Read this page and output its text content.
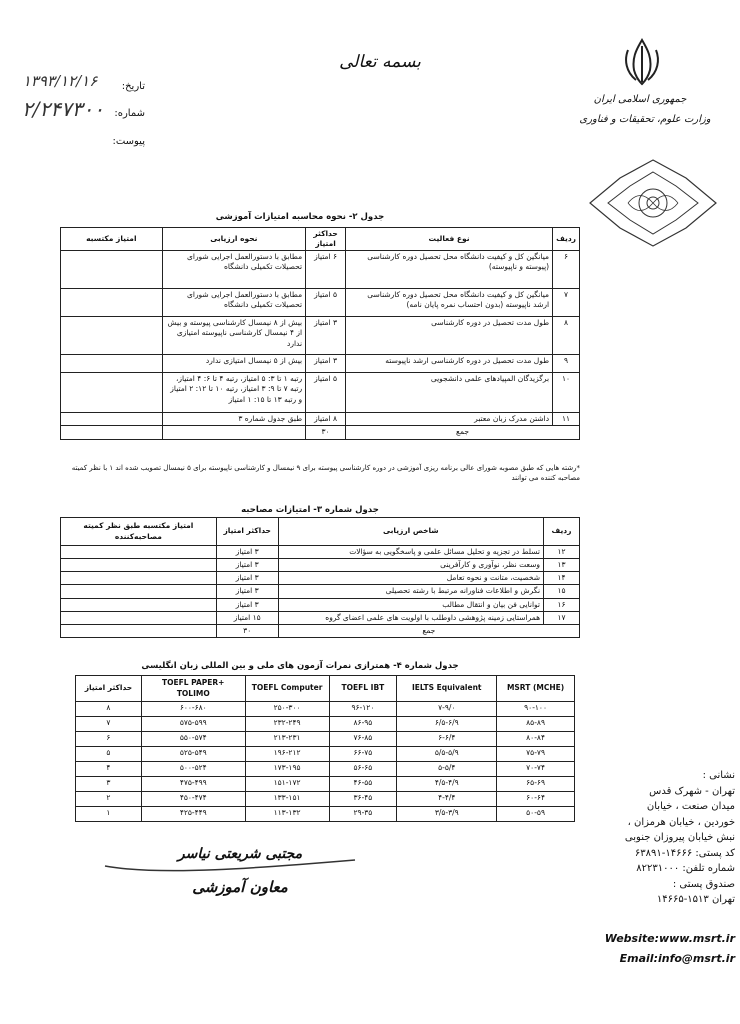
بسمه تعالی
جمهوری اسلامی ایران
وزارت علوم، تحقیقات و فناوری
تاریخ:
۱۳۹۳/۱۲/۱۶
شماره:
۲/۲۴۷۳۰۰
پیوست:
جدول ۲- نحوه محاسبه امتیازات آموزشی
ردیف	نوع فعالیت	حداکثر امتیاز	نحوه ارزیابی	امتیاز مکتسبه
۶	میانگین کل و کیفیت دانشگاه محل تحصیل دوره کارشناسی (پیوسته و ناپیوسته)	۶ امتیاز	مطابق با دستورالعمل اجرایی شورای تحصیلات تکمیلی دانشگاه	
۷	میانگین کل و کیفیت دانشگاه محل تحصیل دوره کارشناسی ارشد ناپیوسته (بدون احتساب نمره پایان نامه)	۵ امتیاز	مطابق با دستورالعمل اجرایی شورای تحصیلات تکمیلی دانشگاه	
۸	طول مدت تحصیل در دوره کارشناسی	۳ امتیاز	بیش از ۸ نیمسال کارشناسی پیوسته و بیش از ۴ نیمسال کارشناسی ناپیوسته امتیازی ندارد	
۹	طول مدت تحصیل در دوره کارشناسی ارشد ناپیوسته	۳ امتیاز	بیش از ۵ نیمسال امتیازی ندارد	
۱۰	برگزیدگان المپیادهای علمی دانشجویی	۵ امتیاز	رتبه ۱ تا ۳: ۵ امتیاز، رتبه ۴ تا ۶: ۴ امتیاز، رتبه ۷ تا ۹: ۳ امتیاز، رتبه ۱۰ تا ۱۲: ۲ امتیاز و رتبه ۱۳ تا ۱۵: ۱ امتیاز	
۱۱	داشتن مدرک زبان معتبر	۸ امتیاز	طبق جدول شماره ۳	
جمع		۳۰		
*رشته هایی که طبق مصوبه شورای عالی برنامه ریزی آموزشی در دوره کارشناسی پیوسته برای ۹ نیمسال و کارشناسی ناپیوسته برای ۵ نیمسال تصویب شده اند ۱ با نظر کمیته مصاحبه کننده می توانند
جدول شماره ۳- امتیازات مصاحبه
ردیف	شاخص ارزیابی	حداکثر امتیاز	امتیاز مکتسبه طبق نظر کمیته مصاحبه‌کننده
۱۲	تسلط در تجزیه و تحلیل مسائل علمی و پاسخگویی به سؤالات	۳ امتیاز	
۱۳	وسعت نظر، نوآوری و کارآفرینی	۳ امتیاز	
۱۴	شخصیت، متانت و نحوه تعامل	۳ امتیاز	
۱۵	نگرش و اطلاعات فناورانه مرتبط با رشته تحصیلی	۳ امتیاز	
۱۶	توانایی فن بیان و انتقال مطالب	۳ امتیاز	
۱۷	همراستایی زمینه پژوهشی داوطلب با اولویت های علمی اعضای گروه	۱۵ امتیاز	
جمع		۳۰	
جدول شماره ۴- همترازی نمرات آزمون های ملی و بین المللی زبان انگلیسی
MSRT (MCHE)	IELTS Equivalent	TOEFL IBT	TOEFL Computer	TOEFL PAPER+ TOLIMO	حداکثر امتیاز
۹۰-۱۰۰	۷-۹/۰	۹۶-۱۲۰	۲۵۰-۳۰۰	۶۰۰-۶۸۰	۸
۸۵-۸۹	۶/۵-۶/۹	۸۶-۹۵	۲۳۲-۲۴۹	۵۷۵-۵۹۹	۷
۸۰-۸۴	۶-۶/۴	۷۶-۸۵	۲۱۳-۲۳۱	۵۵۰-۵۷۴	۶
۷۵-۷۹	۵/۵-۵/۹	۶۶-۷۵	۱۹۶-۲۱۲	۵۲۵-۵۴۹	۵
۷۰-۷۴	۵-۵/۴	۵۶-۶۵	۱۷۳-۱۹۵	۵۰۰-۵۲۴	۴
۶۵-۶۹	۴/۵-۴/۹	۴۶-۵۵	۱۵۱-۱۷۲	۴۷۵-۴۹۹	۳
۶۰-۶۴	۴-۴/۴	۳۶-۴۵	۱۳۳-۱۵۱	۴۵۰-۴۷۴	۲
۵۰-۵۹	۳/۵-۳/۹	۲۹-۳۵	۱۱۳-۱۳۲	۴۲۵-۴۴۹	۱
مجتبی شریعتی نیاسر
معاون آموزشی
نشانی :
تهران - شهرک قدس
میدان صنعت ، خیابان
خوردین ، خیابان هرمزان ،
نبش خیابان پیروزان جنوبی
کد پستی: ۱۴۶۶۶-۶۳۸۹۱
شماره تلفن: ۸۲۲۳۱۰۰۰
صندوق پستی :
تهران ۱۵۱۳-۱۴۶۶۵
Website:www.msrt.ir
Email:info@msrt.ir
